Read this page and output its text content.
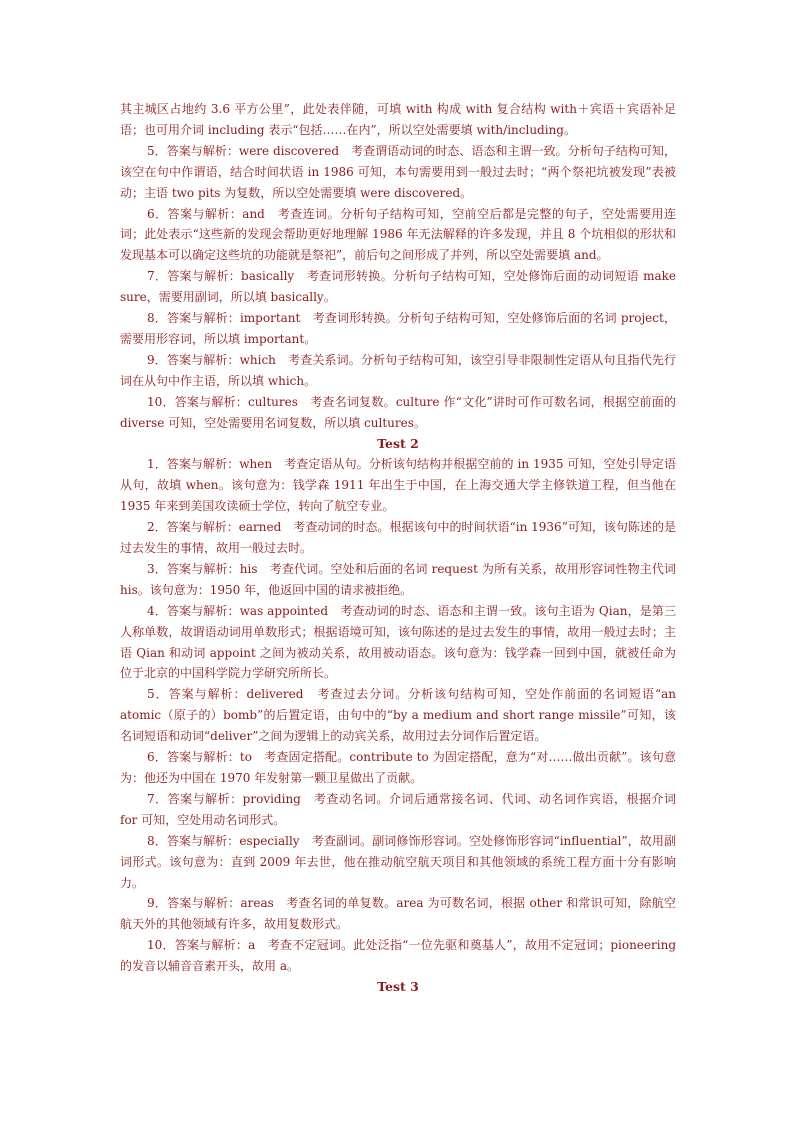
其主城区占地约 3.6 平方公里”，此处表伴随，可填 with 构成 with 复合结构 with＋宾语＋宾语补足语；也可用介词 including 表示“包括……在内”，所以空处需要填 with/including。

5．答案与解析：were discovered　考查谓语动词的时态、语态和主谓一致。分析句子结构可知，该空在句中作谓语，结合时间状语 in 1986 可知，本句需要用到一般过去时；“两个祭祀坑被发现”表被动；主语 two pits 为复数，所以空处需要填 were discovered。

6．答案与解析：and　考查连词。分析句子结构可知，空前空后都是完整的句子，空处需要用连词；此处表示“这些新的发现会帮助更好地理解 1986 年无法解释的许多发现，并且 8 个坑相似的形状和发现基本可以确定这些坑的功能就是祭祀”，前后句之间形成了并列，所以空处需要填 and。

7．答案与解析：basically　考查词形转换。分析句子结构可知，空处修饰后面的动词短语 make sure，需要用副词，所以填 basically。

8．答案与解析：important　考查词形转换。分析句子结构可知，空处修饰后面的名词 project，需要用形容词，所以填 important。

9．答案与解析：which　考查关系词。分析句子结构可知，该空引导非限制性定语从句且指代先行词在从句中作主语，所以填 which。

10．答案与解析：cultures　考查名词复数。culture 作“文化”讲时可作可数名词，根据空前面的 diverse 可知，空处需要用名词复数，所以填 cultures。

Test 2

1．答案与解析：when　考查定语从句。分析该句结构并根据空前的 in 1935 可知，空处引导定语从句，故填 when。该句意为：钱学森 1911 年出生于中国，在上海交通大学主修铁道工程，但当他在 1935 年来到美国攻读硕士学位，转向了航空专业。

2．答案与解析：earned　考查动词的时态。根据该句中的时间状语“in 1936”可知，该句陈述的是过去发生的事情，故用一般过去时。

3．答案与解析：his　考查代词。空处和后面的名词 request 为所有关系，故用形容词性物主代词 his。该句意为：1950 年，他返回中国的请求被拒绝。

4．答案与解析：was appointed　考查动词的时态、语态和主谓一致。该句主语为 Qian，是第三人称单数，故谓语动词用单数形式；根据语境可知，该句陈述的是过去发生的事情，故用一般过去时；主语 Qian 和动词 appoint 之间为被动关系，故用被动语态。该句意为：钱学森一回到中国，就被任命为位于北京的中国科学院力学研究所所长。

5．答案与解析：delivered　考查过去分词。分析该句结构可知，空处作前面的名词短语“an atomic（原子的）bomb”的后置定语，由句中的“by a medium and short range missile”可知，该名词短语和动词“deliver”之间为逻辑上的动宾关系，故用过去分词作后置定语。

6．答案与解析：to　考查固定搭配。contribute to 为固定搭配，意为“对……做出贡献”。该句意为：他还为中国在 1970 年发射第一颗卫星做出了贡献。

7．答案与解析：providing　考查动名词。介词后通常接名词、代词、动名词作宾语，根据介词 for 可知，空处用动名词形式。

8．答案与解析：especially　考查副词。副词修饰形容词。空处修饰形容词“influential”，故用副词形式。该句意为：直到 2009 年去世，他在推动航空航天项目和其他领域的系统工程方面十分有影响力。

9．答案与解析：areas　考查名词的单复数。area 为可数名词，根据 other 和常识可知，除航空航天外的其他领域有许多，故用复数形式。

10．答案与解析：a　考查不定冠词。此处泛指“一位先驱和奠基人”，故用不定冠词；pioneering 的发音以辅音音素开头，故用 a。

Test 3
